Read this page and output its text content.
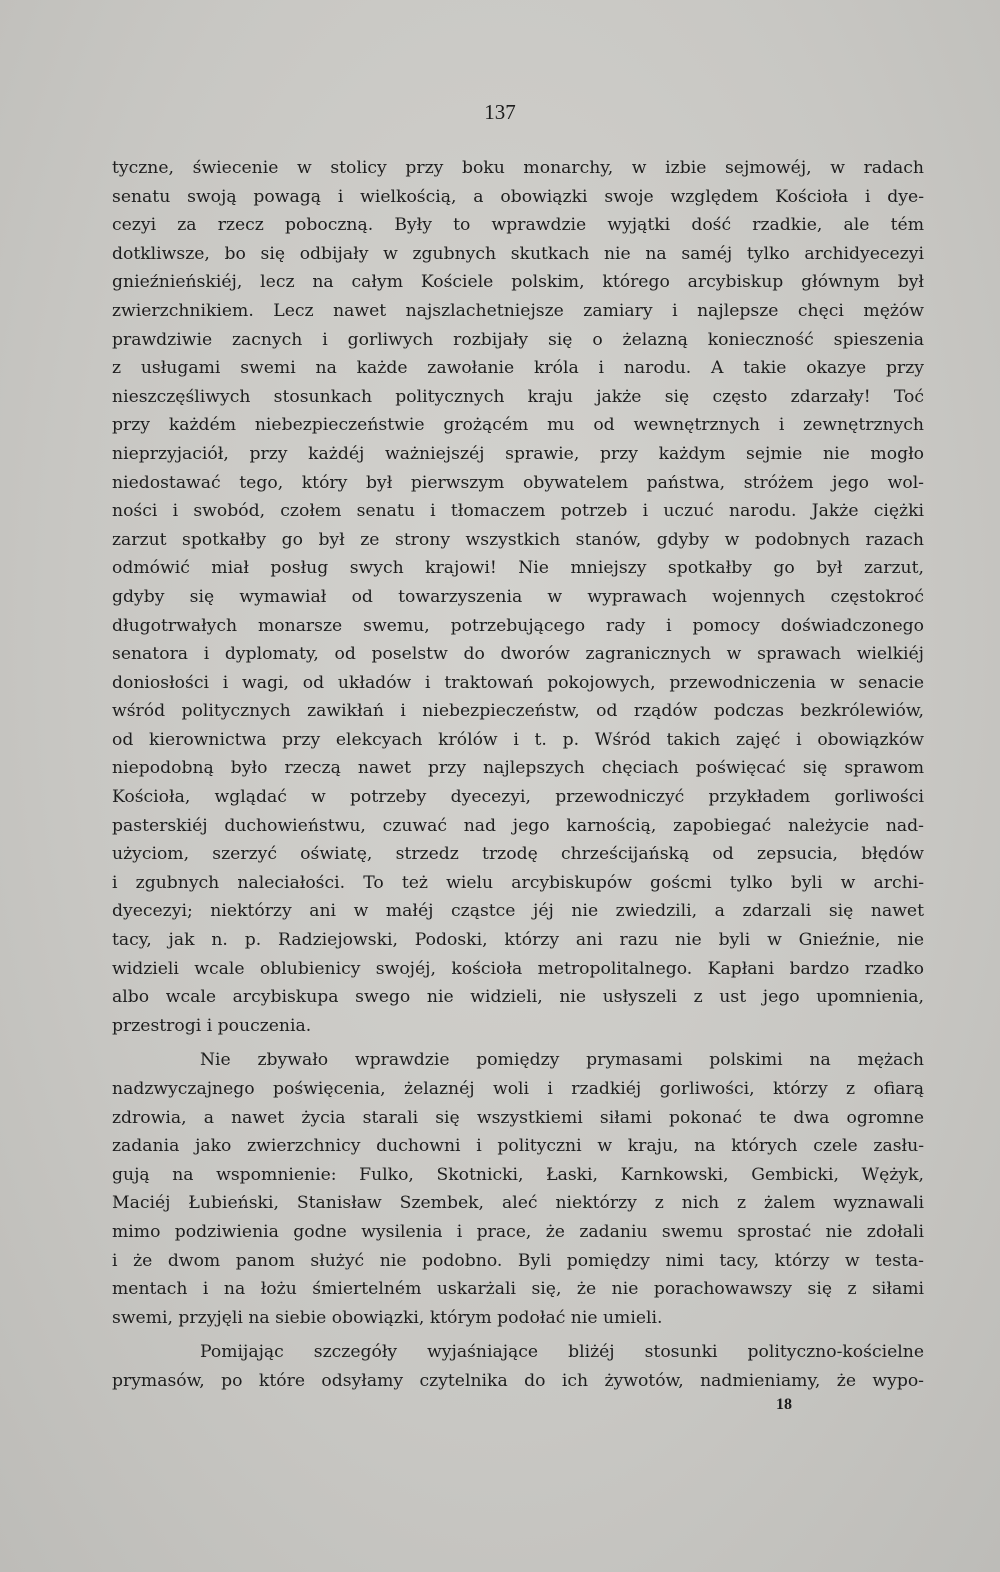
137
tyczne, świecenie w stolicy przy boku monarchy, w izbie sejmowéj, w radach
senatu swoją powagą i wielkością, a obowiązki swoje względem Kościoła i dye-
cezyi za rzecz poboczną. Były to wprawdzie wyjątki dość rzadkie, ale tém
dotkliwsze, bo się odbijały w zgubnych skutkach nie na saméj tylko archidyecezyi
gnieźnieńskiéj, lecz na całym Kościele polskim, którego arcybiskup głównym był
zwierzchnikiem. Lecz nawet najszlachetniejsze zamiary i najlepsze chęci mężów
prawdziwie zacnych i gorliwych rozbijały się o żelazną konieczność spieszenia
z usługami swemi na każde zawołanie króla i narodu. A takie okazye przy
nieszczęśliwych stosunkach politycznych kraju jakże się często zdarzały! Toć
przy każdém niebezpieczeństwie grożącém mu od wewnętrznych i zewnętrznych
nieprzyjaciół, przy każdéj ważniejszéj sprawie, przy każdym sejmie nie mogło
niedostawać tego, który był pierwszym obywatelem państwa, stróżem jego wol-
ności i swobód, czołem senatu i tłomaczem potrzeb i uczuć narodu. Jakże ciężki
zarzut spotkałby go był ze strony wszystkich stanów, gdyby w podobnych razach
odmówić miał posług swych krajowi! Nie mniejszy spotkałby go był zarzut,
gdyby się wymawiał od towarzyszenia w wyprawach wojennych częstokroć
długotrwałych monarsze swemu, potrzebującego rady i pomocy doświadczonego
senatora i dyplomaty, od poselstw do dworów zagranicznych w sprawach wielkiéj
doniosłości i wagi, od układów i traktowań pokojowych, przewodniczenia w senacie
wśród politycznych zawikłań i niebezpieczeństw, od rządów podczas bezkrólewiów,
od kierownictwa przy elekcyach królów i t. p. Wśród takich zajęć i obowiązków
niepodobną było rzeczą nawet przy najlepszych chęciach poświęcać się sprawom
Kościoła, wglądać w potrzeby dyecezyi, przewodniczyć przykładem gorliwości
pasterskiéj duchowieństwu, czuwać nad jego karnością, zapobiegać należycie nad-
użyciom, szerzyć oświatę, strzedz trzodę chrześcijańską od zepsucia, błędów
i zgubnych naleciałości. To też wielu arcybiskupów goścmi tylko byli w archi-
dyecezyi; niektórzy ani w małéj cząstce jéj nie zwiedzili, a zdarzali się nawet
tacy, jak n. p. Radziejowski, Podoski, którzy ani razu nie byli w Gnieźnie, nie
widzieli wcale oblubienicy swojéj, kościoła metropolitalnego. Kapłani bardzo rzadko
albo wcale arcybiskupa swego nie widzieli, nie usłyszeli z ust jego upomnienia,
przestrogi i pouczenia.
Nie zbywało wprawdzie pomiędzy prymasami polskimi na mężach
nadzwyczajnego poświęcenia, żelaznéj woli i rzadkiéj gorliwości, którzy z ofiarą
zdrowia, a nawet życia starali się wszystkiemi siłami pokonać te dwa ogromne
zadania jako zwierzchnicy duchowni i polityczni w kraju, na których czele zasłu-
gują na wspomnienie: Fulko, Skotnicki, Łaski, Karnkowski, Gembicki, Wężyk,
Maciéj Łubieński, Stanisław Szembek, aleć niektórzy z nich z żalem wyznawali
mimo podziwienia godne wysilenia i prace, że zadaniu swemu sprostać nie zdołali
i że dwom panom służyć nie podobno. Byli pomiędzy nimi tacy, którzy w testa-
mentach i na łożu śmiertelném uskarżali się, że nie porachowawszy się z siłami
swemi, przyjęli na siebie obowiązki, którym podołać nie umieli.
Pomijając szczegóły wyjaśniające bliżéj stosunki polityczno-kościelne
prymasów, po które odsyłamy czytelnika do ich żywotów, nadmieniamy, że wypo-
18
